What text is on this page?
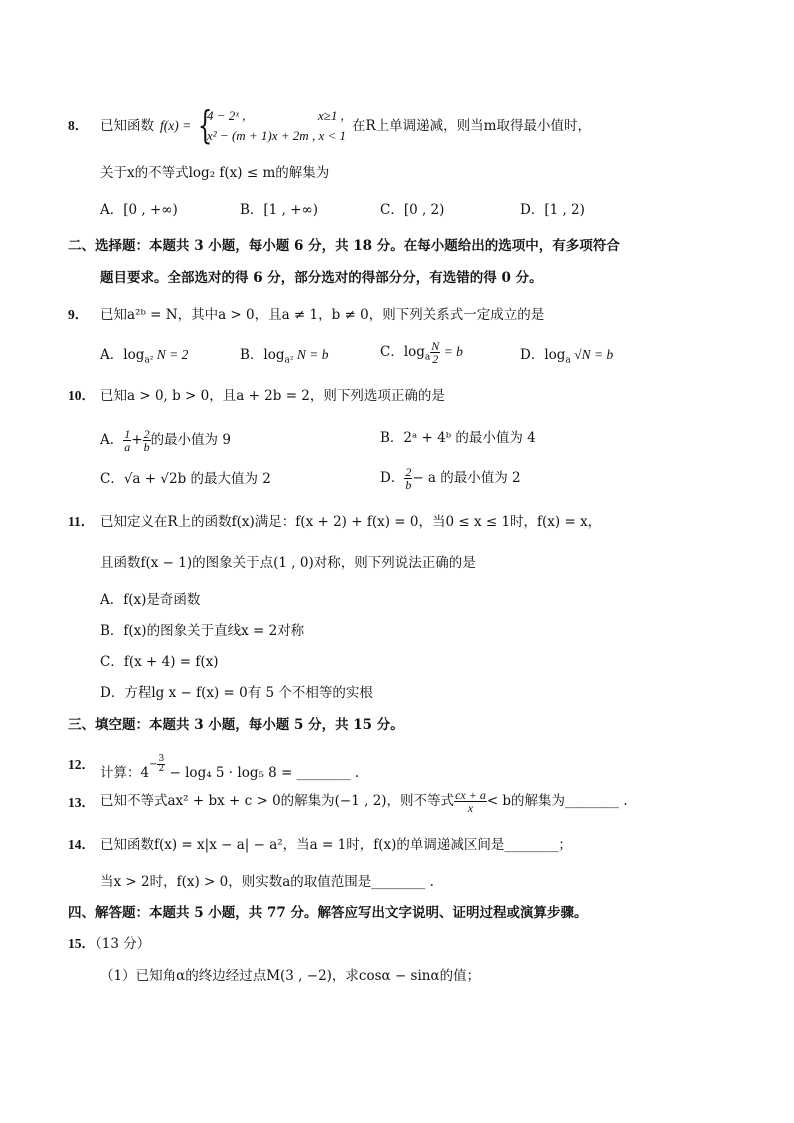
8． 已知函数 f(x) = {
4 − 2ˣ ,	x≥1 ,
x² − (m + 1)x + 2m , x < 1
在R上单调递减，则当m取得最小值时，
关于x的不等式log₂ f(x) ≤ m的解集为
A．[0 , +∞)	B．[1 , +∞)	C．[0 , 2)	D．[1 , 2)
二、选择题：本题共 3 小题，每小题 6 分，共 18 分。在每小题给出的选项中，有多项符合
题目要求。全部选对的得 6 分，部分选对的得部分分，有选错的得 0 分。
9． 已知a²ᵇ = N，其中a > 0，且a ≠ 1，b ≠ 0，则下列关系式一定成立的是
A．$\log_{a^2} N = 2$	B．$\log_{a^2} N = b$	C．$\log_a \frac{N}{2} = b$	D．$\log_a √N = b$
10． 已知a > 0, b > 0，且a + 2b = 2，则下列选项正确的是
A． $\frac{1}{a} + \frac{2}{b}$ 的最小值为 9	B．2ᵃ + 4ᵇ 的最小值为 4
C．√a + √2b 的最大值为 2	D． $\frac{2}{b} - a$ 的最小值为 2
11． 已知定义在R上的函数f(x)满足：f(x + 2) + f(x) = 0，当0 ≤ x ≤ 1时，f(x) = x，
且函数f(x − 1)的图象关于点(1 , 0)对称，则下列说法正确的是
A．f(x)是奇函数
B．f(x)的图象关于直线x = 2对称
C．f(x + 4) = f(x)
D．方程lg x − f(x) = 0有 5 个不相等的实根
三、填空题：本题共 3 小题，每小题 5 分，共 15 分。
12．
计算：$4- \frac{3}{2} - \log_4$ 5 · log₅ 8 = ________ .
13． 已知不等式ax² + bx + c > 0的解集为(−1 , 2)，则不等式 $\frac{cx + a}{x} < b$的解集为________ .
14． 已知函数f(x) = x|x − a| − a²，当a = 1时，f(x)的单调递减区间是________；
当x > 2时，f(x) > 0，则实数a的取值范围是________ .
四、解答题：本题共 5 小题，共 77 分。解答应写出文字说明、证明过程或演算步骤。
15．（13 分）
（1）已知角α的终边经过点M(3 , −2)，求cosα − sinα的值；
